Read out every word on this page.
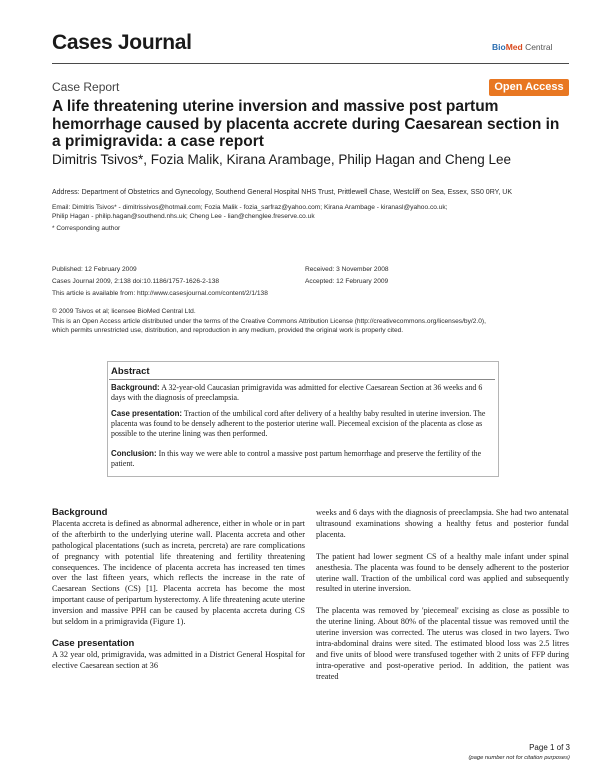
Cases Journal	BioMed Central
Case Report	Open Access
A life threatening uterine inversion and massive post partum hemorrhage caused by placenta accrete during Caesarean section in a primigravida: a case report
Dimitris Tsivos*, Fozia Malik, Kirana Arambage, Philip Hagan and Cheng Lee
Address: Department of Obstetrics and Gynecology, Southend General Hospital NHS Trust, Prittlewell Chase, Westcliff on Sea, Essex, SS0 0RY, UK
Email: Dimitris Tsivos* - dimitrissivos@hotmail.com; Fozia Malik - fozia_sarfraz@yahoo.com; Kirana Arambage - kiranasl@yahoo.co.uk;
Philip Hagan - philip.hagan@southend.nhs.uk; Cheng Lee - lian@chenglee.freserve.co.uk
* Corresponding author
Published: 12 February 2009
Cases Journal 2009, 2:138 doi:10.1186/1757-1626-2-138
This article is available from: http://www.casesjournal.com/content/2/1/138
Received: 3 November 2008
Accepted: 12 February 2009
© 2009 Tsivos et al; licensee BioMed Central Ltd.
This is an Open Access article distributed under the terms of the Creative Commons Attribution License (http://creativecommons.org/licenses/by/2.0),
which permits unrestricted use, distribution, and reproduction in any medium, provided the original work is properly cited.
Abstract
Background: A 32-year-old Caucasian primigravida was admitted for elective Caesarean Section at 36 weeks and 6 days with the diagnosis of preeclampsia.
Case presentation: Traction of the umbilical cord after delivery of a healthy baby resulted in uterine inversion. The placenta was found to be densely adherent to the posterior uterine wall. Piecemeal excision of the placenta as close as possible to the uterine lining was then performed.
Conclusion: In this way we were able to control a massive post partum hemorrhage and preserve the fertility of the patient.
Background

Placenta accreta is defined as abnormal adherence, either in whole or in part of the afterbirth to the underlying uterine wall. Placenta accreta and other pathological placentations (such as increta, percreta) are rare complications of pregnancy with potential life threatening and fertility threatening consequences. The incidence of placenta accreta has increased ten times over the last fifteen years, which reflects the increase in the rate of Caesarean Sections (CS) [1]. Placenta accreta has become the most important cause of peripartum hysterectomy. A life threatening acute uterine inversion and massive PPH can be caused by placenta accreta during CS but seldom in a primigravida (Figure 1).

Case presentation

A 32 year old, primigravida, was admitted in a District General Hospital for elective Caesarean section at 36

weeks and 6 days with the diagnosis of preeclampsia. She had two antenatal ultrasound examinations showing a healthy fetus and posterior fundal placenta.

The patient had lower segment CS of a healthy male infant under spinal anesthesia. The placenta was found to be densely adherent to the posterior uterine wall. Traction of the umbilical cord was applied and subsequently resulted in uterine inversion.

The placenta was removed by 'piecemeal' excising as close as possible to the uterine lining. About 80% of the placental tissue was removed until the uterine inversion was corrected. The uterus was closed in two layers. Two intra-abdominal drains were sited. The estimated blood loss was 2.5 litres and five units of blood were transfused together with 2 units of FFP during intra-operative and post-operative period. In addition, the patient was treated

Page 1 of 3
(page number not for citation purposes)
